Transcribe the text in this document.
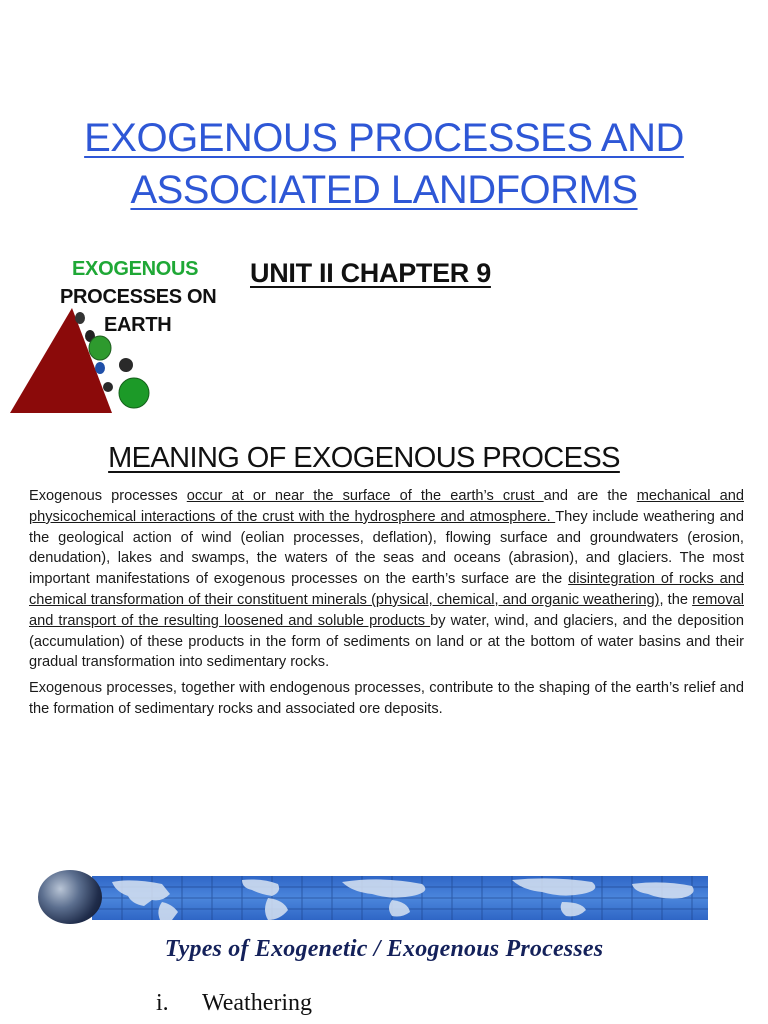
EXOGENOUS PROCESSES AND
ASSOCIATED LANDFORMS
EXOGENOUS
PROCESSES ON
EARTH
UNIT II CHAPTER 9
MEANING OF EXOGENOUS PROCESS

Exogenous processes occur at or near the surface of the earth’s crust and are the mechanical and physicochemical interactions of the crust with the hydrosphere and atmosphere. They include weathering and the geological action of wind (eolian processes, deflation), flowing surface and groundwaters (erosion, denudation), lakes and swamps, the waters of the seas and oceans (abrasion), and glaciers. The most important manifestations of exogenous processes on the earth’s surface are the disintegration of rocks and chemical transformation of their constituent minerals (physical, chemical, and organic weathering), the removal and transport of the resulting loosened and soluble products by water, wind, and glaciers, and the deposition (accumulation) of these products in the form of sediments on land or at the bottom of water basins and their gradual transformation into sedimentary rocks.

Exogenous processes, together with endogenous processes, contribute to the shaping of the earth’s relief and the formation of sedimentary rocks and associated ore deposits.

Types of Exogenetic / Exogenous Processes
i. Weathering
